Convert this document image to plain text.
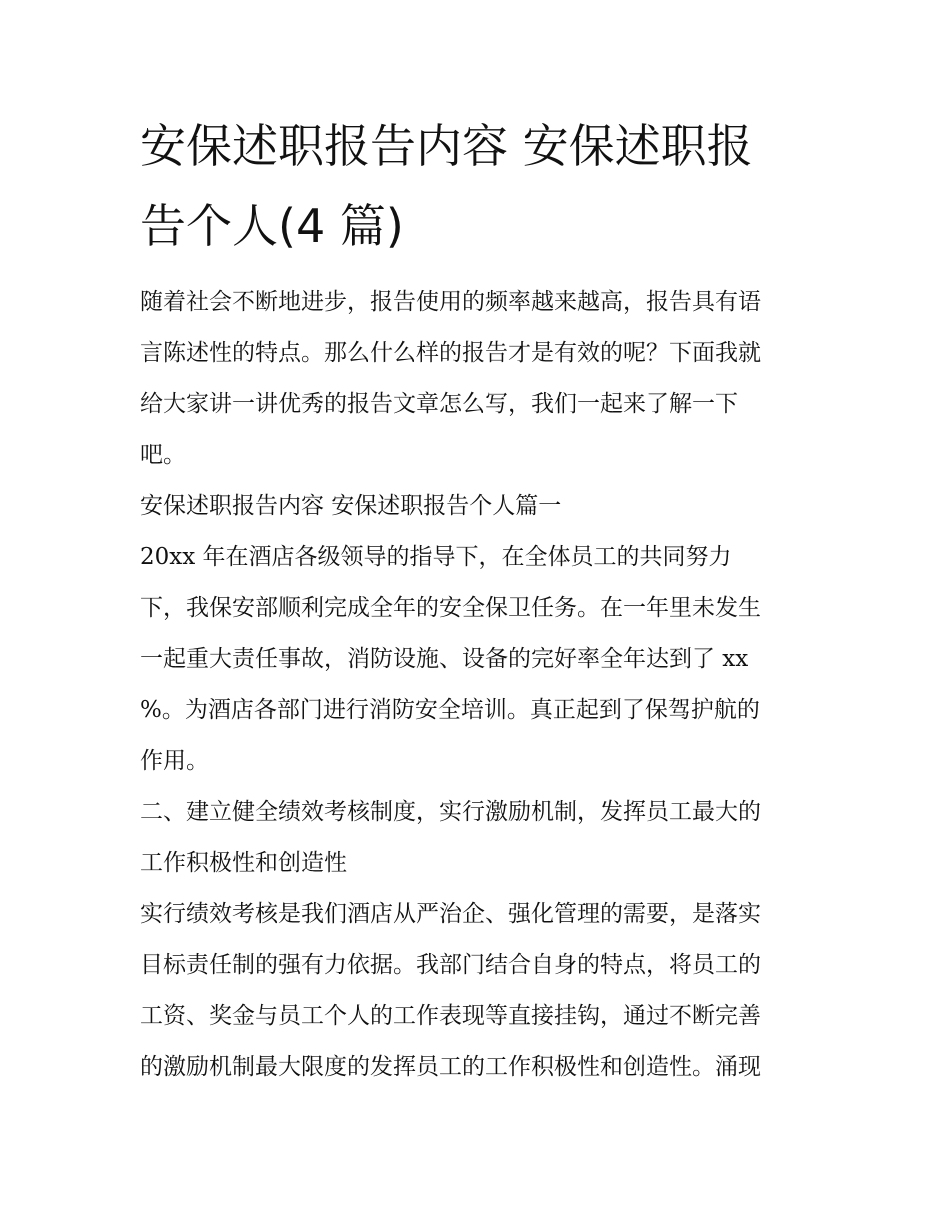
安保述职报告内容 安保述职报
告个人(4 篇)
随着社会不断地进步，报告使用的频率越来越高，报告具有语
言陈述性的特点。那么什么样的报告才是有效的呢？下面我就
给大家讲一讲优秀的报告文章怎么写，我们一起来了解一下
吧。
安保述职报告内容 安保述职报告个人篇一
20xx 年在酒店各级领导的指导下，在全体员工的共同努力
下，我保安部顺利完成全年的安全保卫任务。在一年里未发生
一起重大责任事故，消防设施、设备的完好率全年达到了 xx
%。为酒店各部门进行消防安全培训。真正起到了保驾护航的
作用。
二、建立健全绩效考核制度，实行激励机制，发挥员工最大的
工作积极性和创造性
实行绩效考核是我们酒店从严治企、强化管理的需要，是落实
目标责任制的强有力依据。我部门结合自身的特点，将员工的
工资、奖金与员工个人的工作表现等直接挂钩，通过不断完善
的激励机制最大限度的发挥员工的工作积极性和创造性。涌现
